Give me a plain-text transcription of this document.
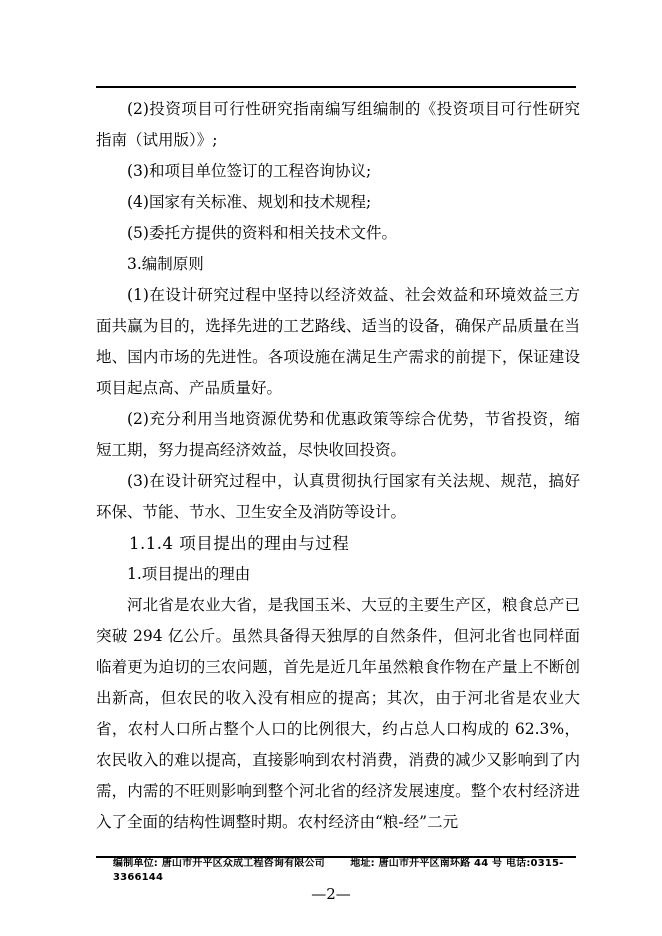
(2)投资项目可行性研究指南编写组编制的《投资项目可行性研究指南（试用版）》;

(3)和项目单位签订的工程咨询协议;

(4)国家有关标准、规划和技术规程;

(5)委托方提供的资料和相关技术文件。

3.编制原则

(1)在设计研究过程中坚持以经济效益、社会效益和环境效益三方面共赢为目的，选择先进的工艺路线、适当的设备，确保产品质量在当地、国内市场的先进性。各项设施在满足生产需求的前提下，保证建设项目起点高、产品质量好。

(2)充分利用当地资源优势和优惠政策等综合优势，节省投资，缩短工期，努力提高经济效益，尽快收回投资。

(3)在设计研究过程中，认真贯彻执行国家有关法规、规范，搞好环保、节能、节水、卫生安全及消防等设计。

1.1.4 项目提出的理由与过程

1.项目提出的理由

河北省是农业大省，是我国玉米、大豆的主要生产区，粮食总产已突破 294 亿公斤。虽然具备得天独厚的自然条件，但河北省也同样面临着更为迫切的三农问题，首先是近几年虽然粮食作物在产量上不断创出新高，但农民的收入没有相应的提高；其次，由于河北省是农业大省，农村人口所占整个人口的比例很大，约占总人口构成的 62.3%，农民收入的难以提高，直接影响到农村消费，消费的减少又影响到了内需，内需的不旺则影响到整个河北省的经济发展速度。整个农村经济进入了全面的结构性调整时期。农村经济由“粮-经”二元

编制单位: 唐山市开平区众成工程咨询有限公司	地址: 唐山市开平区南环路 44 号 电话:0315-3366144
—2—
